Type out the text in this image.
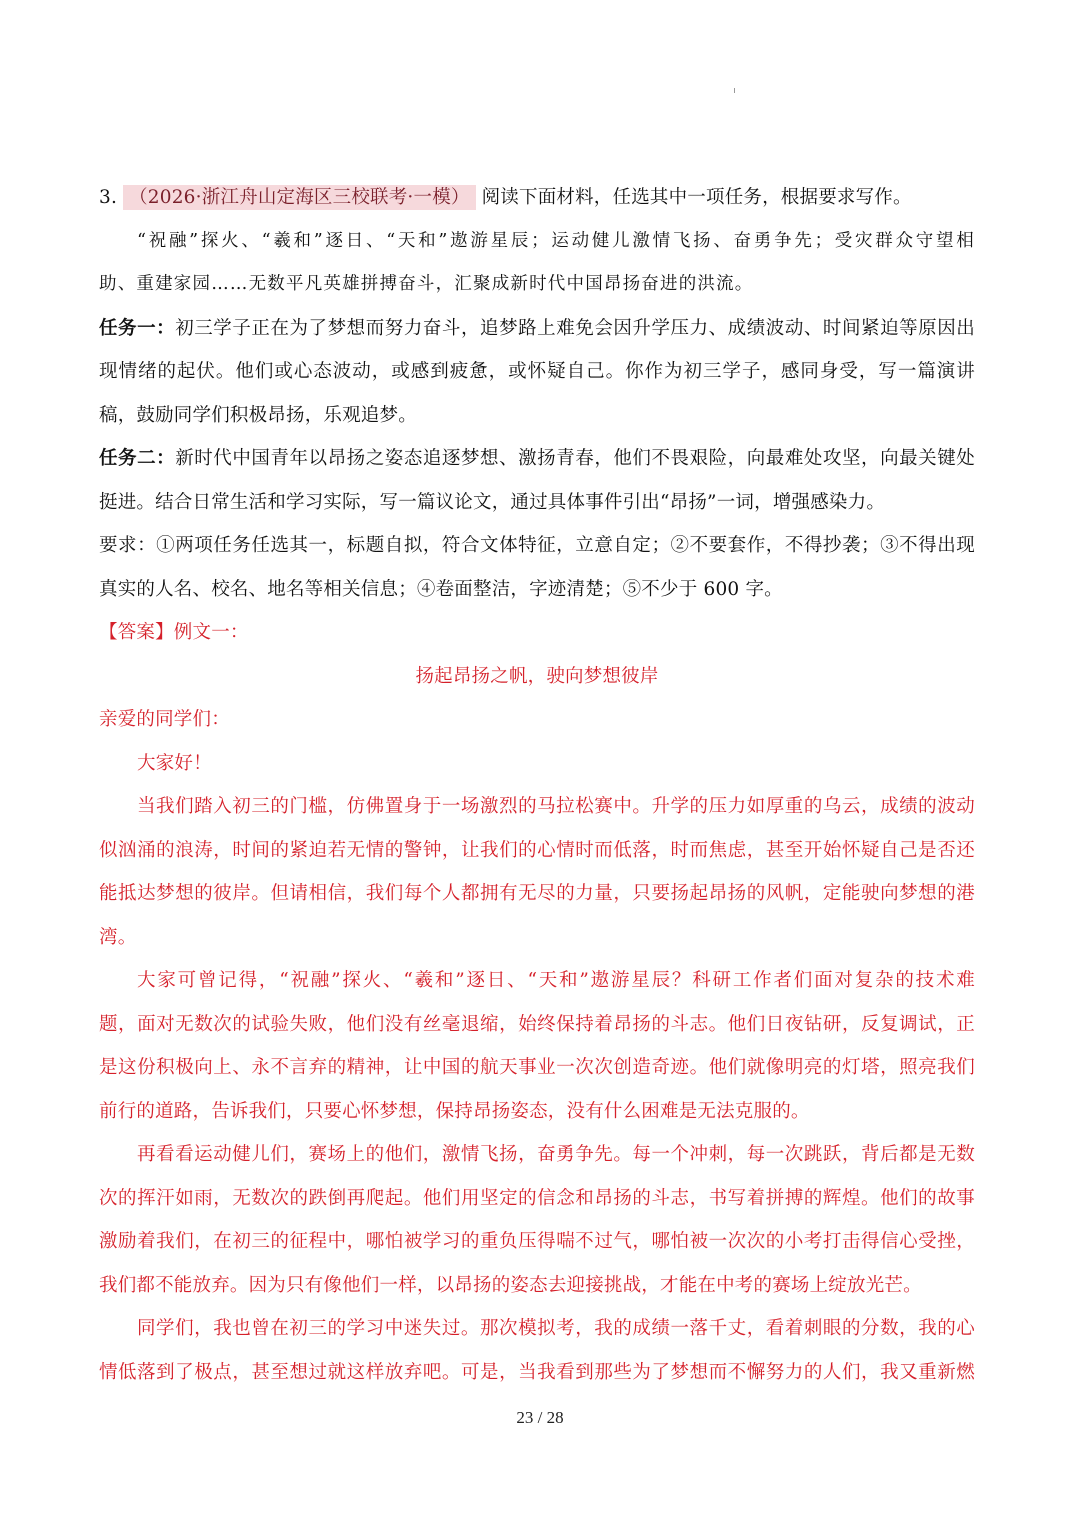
3. （2026·浙江舟山定海区三校联考·一模） 阅读下面材料，任选其中一项任务，根据要求写作。
“祝融”探火、“羲和”逐日、“天和”遨游星辰；运动健儿激情飞扬、奋勇争先；受灾群众守望相
助、重建家园……无数平凡英雄拼搏奋斗，汇聚成新时代中国昂扬奋进的洪流。
任务一：初三学子正在为了梦想而努力奋斗，追梦路上难免会因升学压力、成绩波动、时间紧迫等原因出
现情绪的起伏。他们或心态波动，或感到疲惫，或怀疑自己。你作为初三学子，感同身受，写一篇演讲
稿，鼓励同学们积极昂扬，乐观追梦。
任务二：新时代中国青年以昂扬之姿态追逐梦想、激扬青春，他们不畏艰险，向最难处攻坚，向最关键处
挺进。结合日常生活和学习实际，写一篇议论文，通过具体事件引出“昂扬”一词，增强感染力。
要求：①两项任务任选其一，标题自拟，符合文体特征，立意自定；②不要套作，不得抄袭；③不得出现
真实的人名、校名、地名等相关信息；④卷面整洁，字迹清楚；⑤不少于 600 字。
【答案】例文一：
扬起昂扬之帆，驶向梦想彼岸
亲爱的同学们：
大家好！
当我们踏入初三的门槛，仿佛置身于一场激烈的马拉松赛中。升学的压力如厚重的乌云，成绩的波动
似汹涌的浪涛，时间的紧迫若无情的警钟，让我们的心情时而低落，时而焦虑，甚至开始怀疑自己是否还
能抵达梦想的彼岸。但请相信，我们每个人都拥有无尽的力量，只要扬起昂扬的风帆，定能驶向梦想的港
湾。
大家可曾记得，“祝融”探火、“羲和”逐日、“天和”遨游星辰？科研工作者们面对复杂的技术难
题，面对无数次的试验失败，他们没有丝毫退缩，始终保持着昂扬的斗志。他们日夜钻研，反复调试，正
是这份积极向上、永不言弃的精神，让中国的航天事业一次次创造奇迹。他们就像明亮的灯塔，照亮我们
前行的道路，告诉我们，只要心怀梦想，保持昂扬姿态，没有什么困难是无法克服的。
再看看运动健儿们，赛场上的他们，激情飞扬，奋勇争先。每一个冲刺，每一次跳跃，背后都是无数
次的挥汗如雨，无数次的跌倒再爬起。他们用坚定的信念和昂扬的斗志，书写着拼搏的辉煌。他们的故事
激励着我们，在初三的征程中，哪怕被学习的重负压得喘不过气，哪怕被一次次的小考打击得信心受挫，
我们都不能放弃。因为只有像他们一样，以昂扬的姿态去迎接挑战，才能在中考的赛场上绽放光芒。
同学们，我也曾在初三的学习中迷失过。那次模拟考，我的成绩一落千丈，看着刺眼的分数，我的心
情低落到了极点，甚至想过就这样放弃吧。可是，当我看到那些为了梦想而不懈努力的人们，我又重新燃
23 / 28
